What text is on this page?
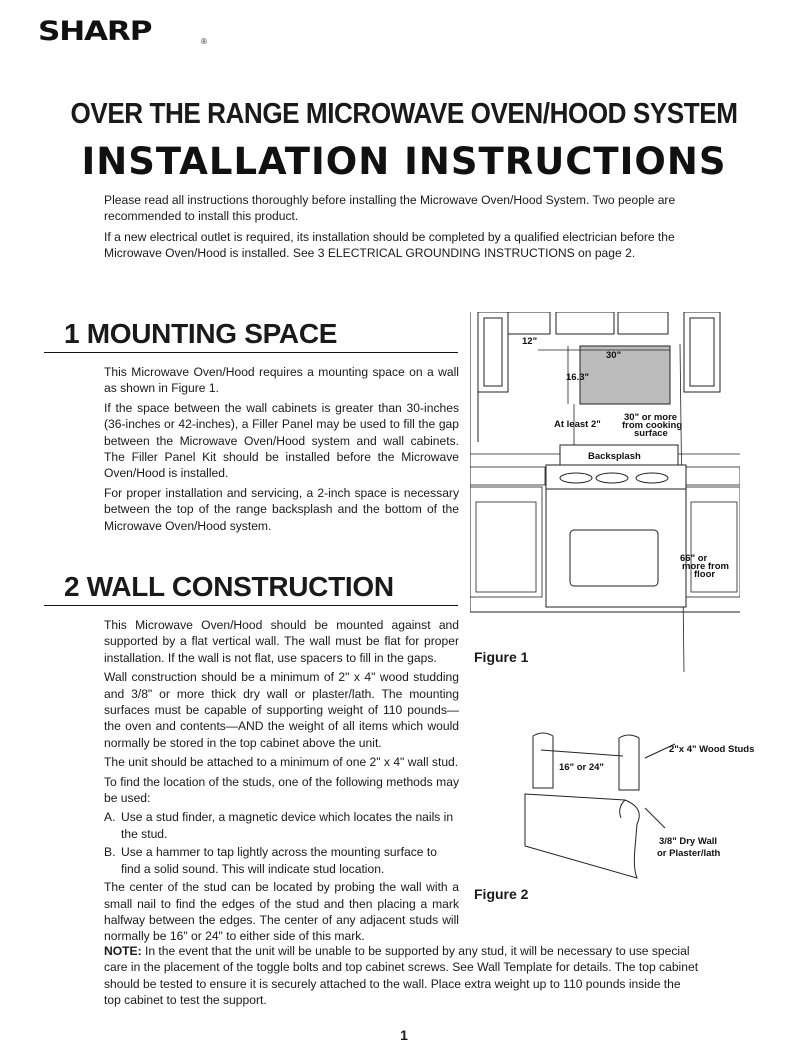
SHARP	®
OVER THE RANGE MICROWAVE OVEN/HOOD SYSTEM
INSTALLATION INSTRUCTIONS

Please read all instructions thoroughly before installing the Microwave Oven/Hood System. Two people are recommended to install this product.

If a new electrical outlet is required, its installation should be completed by a qualified electrician before the Microwave Oven/Hood is installed. See 3 ELECTRICAL GROUNDING INSTRUCTIONS on page 2.

1 MOUNTING SPACE

This Microwave Oven/Hood requires a mounting space on a wall as shown in Figure 1.

If the space between the wall cabinets is greater than 30-inches (36-inches or 42-inches), a Filler Panel may be used to fill the gap between the Microwave Oven/Hood system and wall cabinets. The Filler Panel Kit should be installed before the Microwave Oven/Hood is installed.

For proper installation and servicing, a 2-inch space is necessary between the top of the range backsplash and the bottom of the Microwave Oven/Hood system.

2 WALL CONSTRUCTION

This Microwave Oven/Hood should be mounted against and supported by a flat vertical wall. The wall must be flat for proper installation. If the wall is not flat, use spacers to fill in the gaps.

Wall construction should be a minimum of 2" x 4" wood studding and 3/8" or more thick dry wall or plaster/lath. The mounting surfaces must be capable of supporting weight of 110 pounds—the oven and contents—AND the weight of all items which would normally be stored in the top cabinet above the unit.

The unit should be attached to a minimum of one 2" x 4" wall stud.

To find the location of the studs, one of the following methods may be used:

A. Use a stud finder, a magnetic device which locates the nails in the stud.
B. Use a hammer to tap lightly across the mounting surface to find a solid sound. This will indicate stud location.

The center of the stud can be located by probing the wall with a small nail to find the edges of the stud and then placing a mark halfway between the edges. The center of any adjacent studs will normally be 16" or 24" to either side of this mark.

NOTE: In the event that the unit will be unable to be supported by any stud, it will be necessary to use special care in the placement of the toggle bolts and top cabinet screws. See Wall Template for details. The top cabinet should be tested to ensure it is securely attached to the wall. Place extra weight up to 110 pounds inside the top cabinet to test the support.

12"
30"
16.3"
At least 2"
30" or more
from cooking
surface
Backsplash
66" or
more from
floor
Figure 1
16" or 24"
2"x 4" Wood Studs
3/8" Dry Wall
or Plaster/lath
Figure 2
1
